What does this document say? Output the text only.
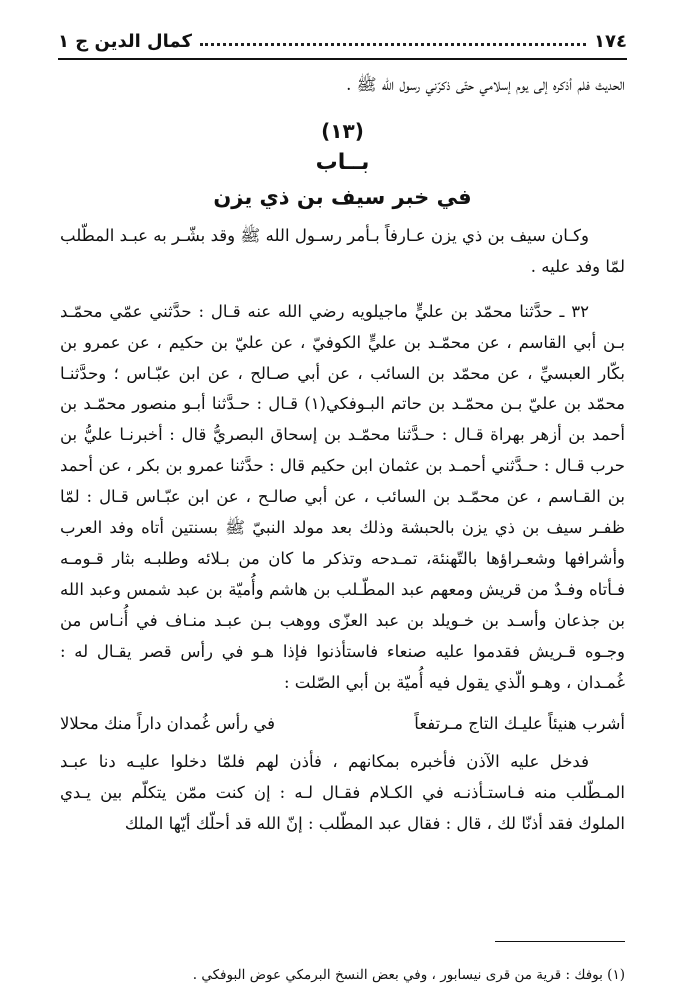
١٧٤
كمال الدين ج ١

الحديث فلم أذكره إلى يوم إسلامي حتّى ذكرّني رسول الله ﷺ .

(١٣)

بــاب

في خبر سيف بن ذي يزن

وكـان سيف بن ذي يزن عـارفاً بـأمر رسـول الله ﷺ وقد بشّـر به عبـد المطّلب لمّا وفد عليه .

٣٢ ـ حدَّثنا محمّد بن عليٍّ ماجيلويه رضي الله عنه قـال : حدَّثني عمّي محمّـد بـن أبي القاسم ، عن محمّـد بن عليٍّ الكوفيّ ، عن عليّ بن حكيم ، عن عمرو بن بكّار العبسيِّ ، عن محمّد بن السائب ، عن أبي صـالح ، عن ابن عبّـاس ؛ وحدَّثنـا محمّد بن عليّ بـن محمّـد بن حاتم البـوفكي(١) قـال : حـدَّثنا أبـو منصور محمّـد بن أحمد بن أزهر بهراة قـال : حـدَّثنا محمّـد بن إسحاق البصريُّ قال : أخبرنـا عليُّ بن حرب قـال : حـدَّثني أحمـد بن عثمان ابن حكيم قال : حدَّثنا عمرو بن بكر ، عن أحمد بن القـاسم ، عن محمّـد بن السائب ، عن أبي صالـح ، عن ابن عبّـاس قـال : لمّا ظفـر سيف بن ذي يزن بالحبشة وذلك بعد مولد النبيّ ﷺ بسنتين أتاه وفد العرب وأشرافها وشعـراؤها بالتّهنئة، تمـدحه وتذكر ما كان من بـلائه وطلبـه بثار قـومـه فـأتاه وفـدٌ من قريش ومعهم عبد المطّـلب بن هاشم وأُميّة بن عبد شمس وعبد الله بن جذعان وأسـد بن خـويلد بن عبد العزّى ووهب بـن عبـد منـاف في أُنـاس من وجـوه قـريش فقدموا عليه صنعاء فاستأذنوا فإذا هـو في رأس قصر يقـال له : غُمـدان ، وهـو الّذي يقول فيه أُميّة بن أبي الصّلت :

أشرب هنيئاً عليـك التاج مـرتفعاً
في رأس غُمدان داراً منك محلالا

فدخل عليه الآذن فأخبره بمكانهم ، فأذن لهم فلمّا دخلوا عليـه دنا عبـد المـطّلب منه فـاستـأذنـه في الكـلام فقـال لـه : إن كنت ممّن يتكلّم بين يـدي الملوك فقد أذنّا لك ، قال : فقال عبد المطّلب : إنّ الله قد أحلّك أيّها الملك

(١) بوفك : قرية من قرى نيسابور ، وفي بعض النسخ البرمكي عوض البوفكي .
